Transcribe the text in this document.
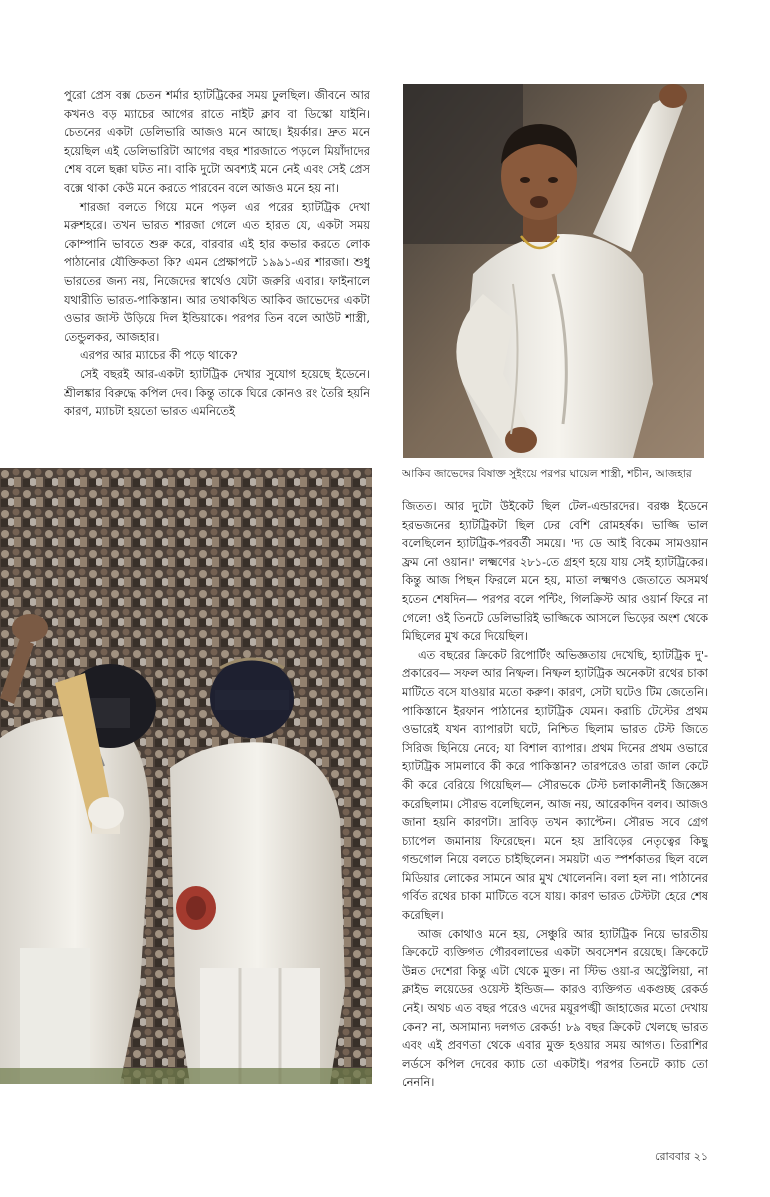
পুরো প্রেস বক্স চেতন শর্মার হ্যাটট্রিকের সময় ঢুলছিল। জীবনে আর কখনও বড় ম্যাচের আগের রাতে নাইট ক্লাব বা ডিস্কো যাইনি। চেতনের একটা ডেলিভারি আজও মনে আছে। ইয়র্কার। দ্রুত মনে হয়েছিল এই ডেলিভারিটা আগের বছর শারজাতে পড়লে মিয়াঁদাদের শেষ বলে ছক্কা ঘটত না। বাকি দুটো অবশ্যই মনে নেই এবং সেই প্রেস বক্সে থাকা কেউ মনে করতে পারবেন বলে আজও মনে হয় না।

শারজা বলতে গিয়ে মনে পড়ল এর পরের হ্যাটট্রিক দেখা মরুশহরে। তখন ভারত শারজা গেলে এত হারত যে, একটা সময় কোম্পানি ভাবতে শুরু করে, বারবার এই হার কভার করতে লোক পাঠানোর যৌক্তিকতা কি? এমন প্রেক্ষাপটে ১৯৯১-এর শারজা। শুধু ভারতের জন্য নয়, নিজেদের স্বার্থেও যেটা জরুরি এবার। ফাইনালে যথারীতি ভারত-পাকিস্তান। আর তথাকথিত আকিব জাভেদের একটা ওভার জাস্ট উড়িয়ে দিল ইন্ডিয়াকে। পরপর তিন বলে আউট শাস্ত্রী, তেন্ডুলকর, আজহার।

এরপর আর ম্যাচের কী পড়ে থাকে?

সেই বছরই আর-একটা হ্যাটট্রিক দেখার সুযোগ হয়েছে ইডেনে। শ্রীলঙ্কার বিরুদ্ধে কপিল দেব। কিন্তু তাকে ঘিরে কোনও রং তৈরি হয়নি কারণ, ম্যাচটা হয়তো ভারত এমনিতেই

আকিব জাভেদের বিষাক্ত সুইংয়ে পরপর ঘায়েল শাস্ত্রী, শচীন, আজহার

জিতত। আর দুটো উইকেট ছিল টেল-এন্ডারদের। বরঞ্চ ইডেনে হরভজনের হ্যাটট্রিকটা ছিল ঢের বেশি রোমহর্ষক। ভাজ্জি ভাল বলেছিলেন হ্যাটট্রিক-পরবর্তী সময়ে। 'দ্য ডে আই বিকেম সামওয়ান ফ্রম নো ওয়ান।' লক্ষ্মণের ২৮১-তে গ্রহণ হয়ে যায় সেই হ্যাটট্রিকের। কিন্তু আজ পিছন ফিরলে মনে হয়, মাতা লক্ষ্মণও জেতাতে অসমর্থ হতেন শেষদিন— পরপর বলে পন্টিং, গিলক্রিস্ট আর ওয়ার্ন ফিরে না গেলে! ওই তিনটে ডেলিভারিই ভাজ্জিকে আসলে ভিড়ের অংশ থেকে মিছিলের মুখ করে দিয়েছিল।

এত বছরের ক্রিকেট রিপোর্টিং অভিজ্ঞতায় দেখেছি, হ্যাটট্রিক দু'-প্রকারেব— সফল আর নিষ্ফল। নিষ্ফল হ্যাটট্রিক অনেকটা রথের চাকা মাটিতে বসে যাওয়ার মতো করুণ। কারণ, সেটা ঘটেও টিম জেতেনি। পাকিস্তানে ইরফান পাঠানের হ্যাটট্রিক যেমন। করাচি টেস্টের প্রথম ওভারেই যখন ব্যাপারটা ঘটে, নিশ্চিত ছিলাম ভারত টেস্ট জিতে সিরিজ ছিনিয়ে নেবে; যা বিশাল ব্যাপার। প্রথম দিনের প্রথম ওভারে হ্যাটট্রিক সামলাবে কী করে পাকিস্তান? তারপরেও তারা জাল কেটে কী করে বেরিয়ে গিয়েছিল— সৌরভকে টেস্ট চলাকালীনই জিজ্ঞেস করেছিলাম। সৌরভ বলেছিলেন, আজ নয়, আরেকদিন বলব। আজও জানা হয়নি কারণটা। দ্রাবিড় তখন ক্যাপ্টেন। সৌরভ সবে গ্রেগ চ্যাপেল জমানায় ফিরেছেন। মনে হয় দ্রাবিড়ের নেতৃত্বের কিছু গন্ডগোল নিয়ে বলতে চাইছিলেন। সময়টা এত স্পর্শকাতর ছিল বলে মিডিয়ার লোকের সামনে আর মুখ খোলেননি। বলা হল না। পাঠানের গর্বিত রথের চাকা মাটিতে বসে যায়। কারণ ভারত টেস্টটা হেরে শেষ করেছিল।

আজ কোথাও মনে হয়, সেঞ্চুরি আর হ্যাটট্রিক নিয়ে ভারতীয় ক্রিকেটে ব্যক্তিগত গৌরবলাভের একটা অবসেশন রয়েছে। ক্রিকেটে উন্নত দেশেরা কিন্তু এটা থেকে মুক্ত। না স্টিভ ওয়া-র অস্ট্রেলিয়া, না ক্লাইভ লয়েডের ওয়েস্ট ইন্ডিজ— কারও ব্যক্তিগত একগুচ্ছ রেকর্ড নেই। অথচ এত বছর পরেও এদের ময়ূরপঙ্খী জাহাজের মতো দেখায় কেন? না, অসামান্য দলগত রেকর্ড! ৮৯ বছর ক্রিকেট খেলছে ভারত এবং এই প্রবণতা থেকে এবার মুক্ত হওয়ার সময় আগত। তিরাশির লর্ডসে কপিল দেবের ক্যাচ তো একটাই। পরপর তিনটে ক্যাচ তো নেননি।

রোববার ২১
